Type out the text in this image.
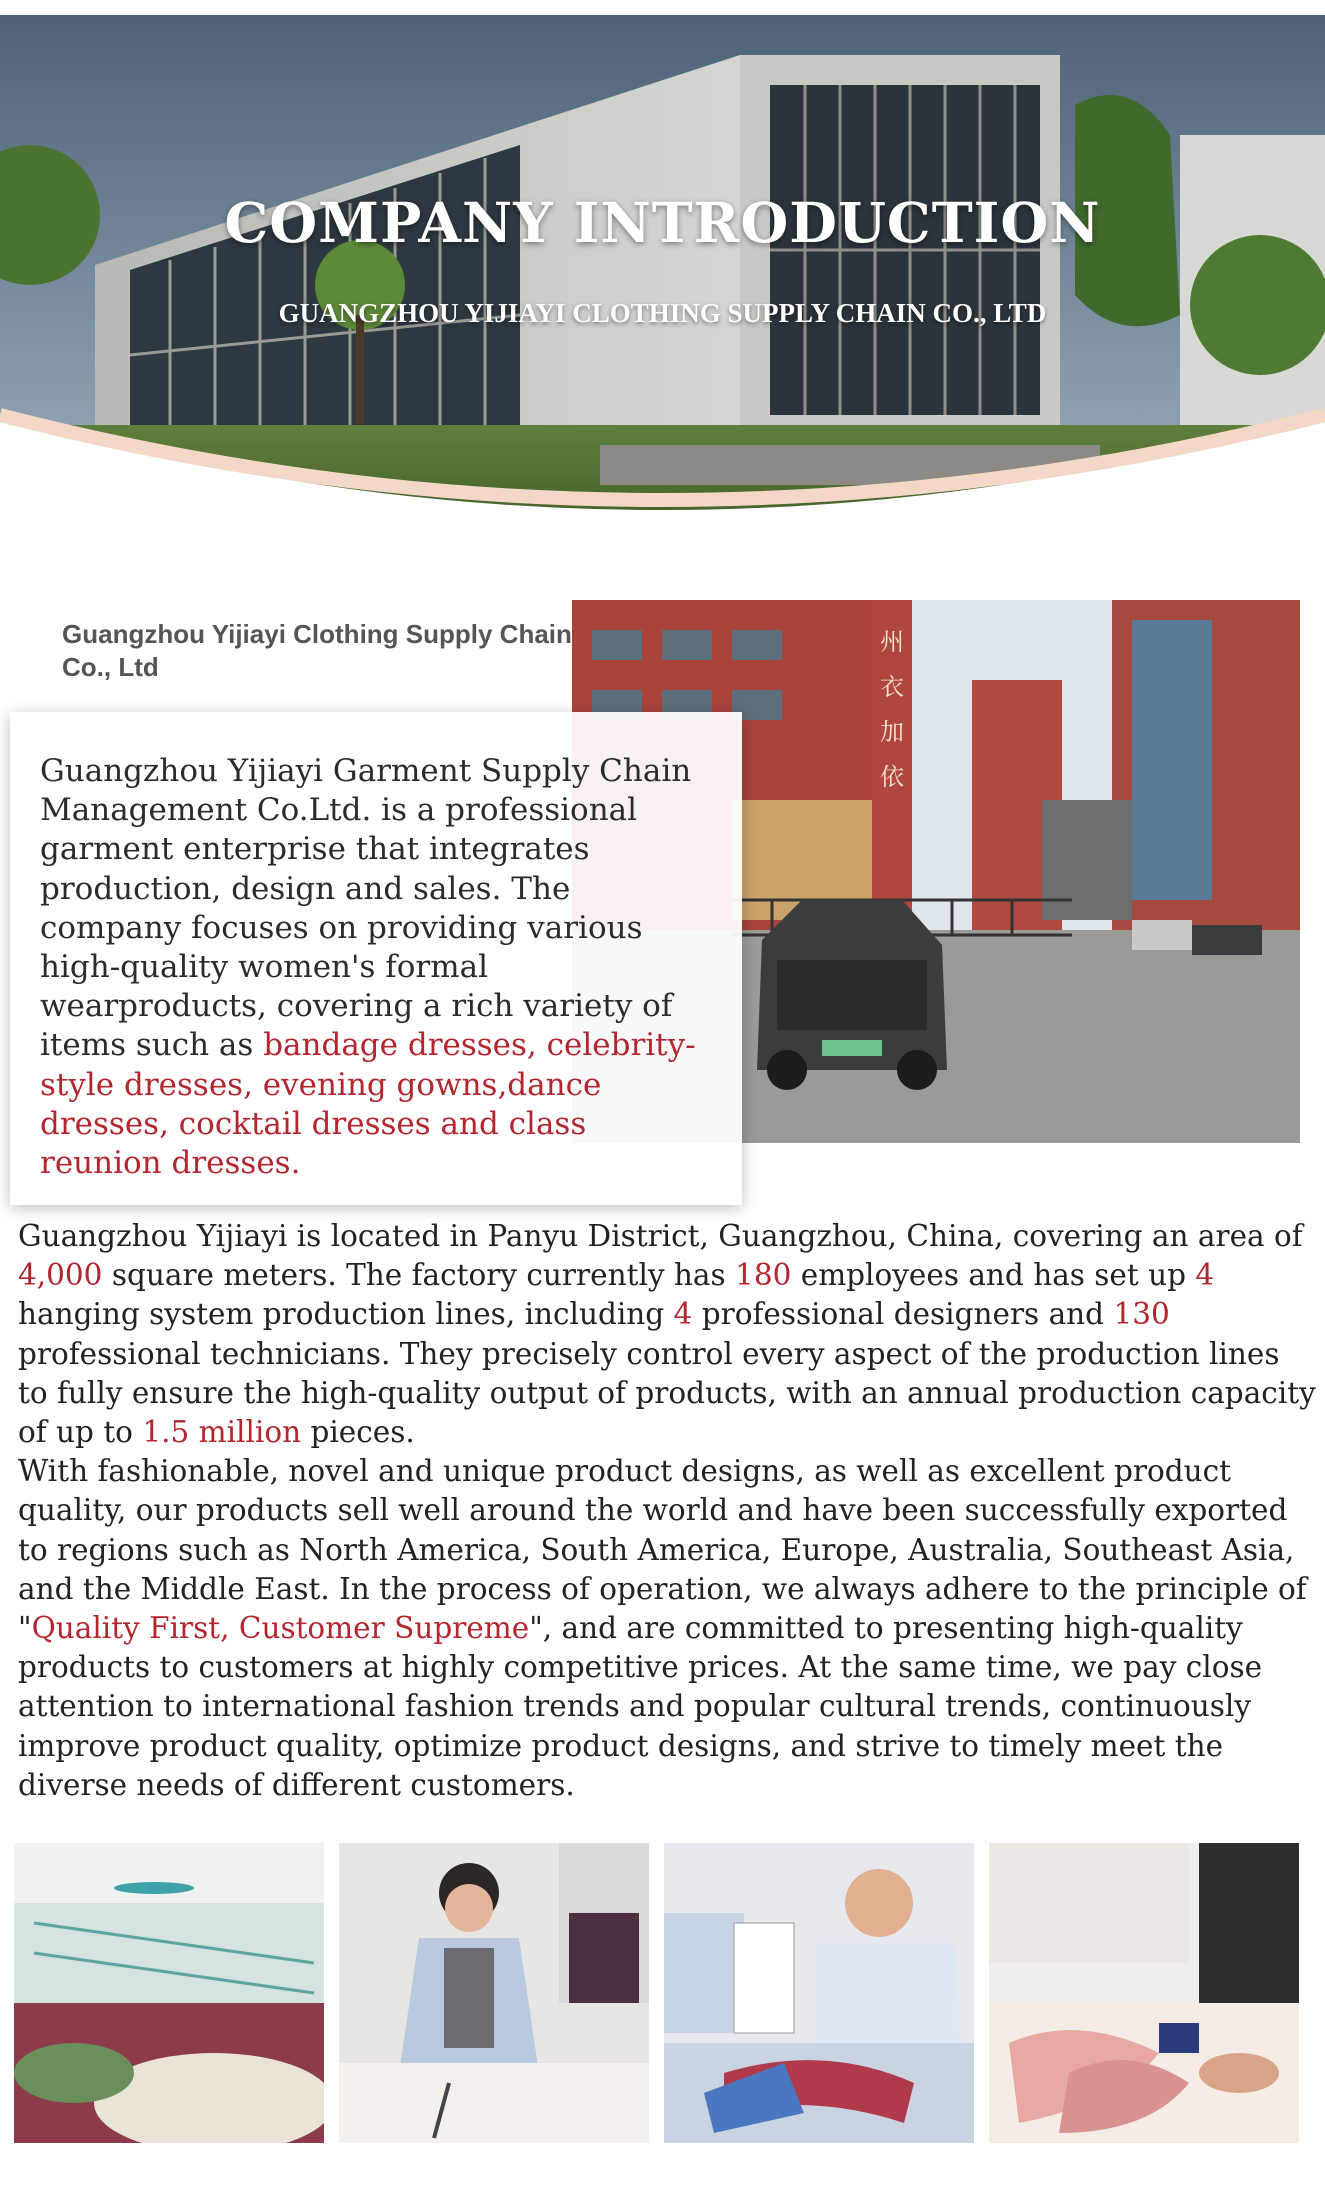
COMPANY INTRODUCTION
GUANGZHOU YIJIAYI CLOTHING SUPPLY CHAIN CO., LTD
Guangzhou Yijiayi Clothing Supply Chain Co., Ltd
州
衣
加
依

Guangzhou Yijiayi Garment Supply Chain Management Co.Ltd. is a professional garment enterprise that integrates production, design and sales. The company focuses on providing various high-quality women's formal wearproducts, covering a rich variety of items such as bandage dresses, celebrity-style dresses, evening gowns,dance dresses, cocktail dresses and class reunion dresses.

Guangzhou Yijiayi is located in Panyu District, Guangzhou, China, covering an area of 4,000 square meters. The factory currently has 180 employees and has set up 4 hanging system production lines, including 4 professional designers and 130 professional technicians. They precisely control every aspect of the production lines to fully ensure the high-quality output of products, with an annual production capacity of up to 1.5 million pieces.

With fashionable, novel and unique product designs, as well as excellent product quality, our products sell well around the world and have been successfully exported to regions such as North America, South America, Europe, Australia, Southeast Asia, and the Middle East. In the process of operation, we always adhere to the principle of "Quality First, Customer Supreme", and are committed to presenting high-quality products to customers at highly competitive prices. At the same time, we pay close attention to international fashion trends and popular cultural trends, continuously improve product quality, optimize product designs, and strive to timely meet the diverse needs of different customers.
